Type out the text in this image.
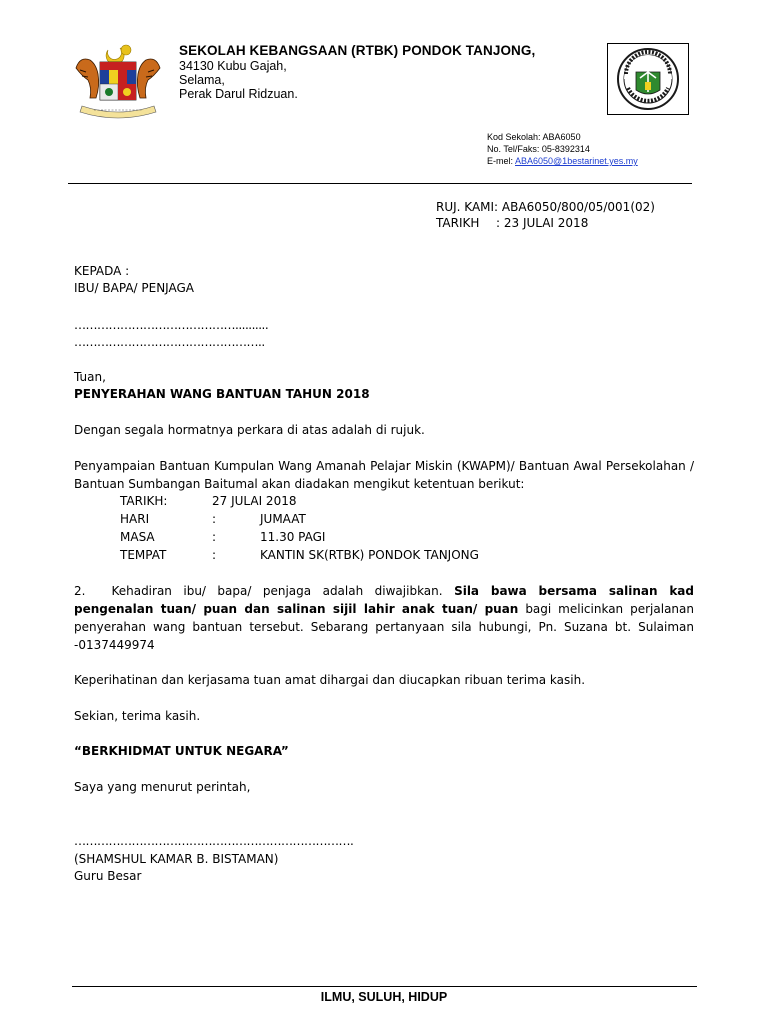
SEKOLAH KEBANGSAAN (RTBK) PONDOK TANJONG,
34130 Kubu Gajah,
Selama,
Perak Darul Ridzuan.
Kod Sekolah: ABA6050
No. Tel/Faks: 05-8392314
E-mel: ABA6050@1bestarinet.yes.my
RUJ. KAMI: ABA6050/800/05/001(02)
TARIKH : 23 JULAI 2018
KEPADA :
IBU/ BAPA/ PENJAGA
……………………………………..........
…………………………………………..
Tuan,
PENYERAHAN WANG BANTUAN TAHUN 2018
Dengan segala hormatnya perkara di atas adalah di rujuk.
Penyampaian Bantuan Kumpulan Wang Amanah Pelajar Miskin (KWAPM)/ Bantuan Awal Persekolahan / Bantuan Sumbangan Baitumal akan diadakan mengikut ketentuan berikut:
TARIKH:	27 JULAI 2018
HARI	:	JUMAAT
MASA	:	11.30 PAGI
TEMPAT	:	KANTIN SK(RTBK) PONDOK TANJONG
2. Kehadiran ibu/ bapa/ penjaga adalah diwajibkan. Sila bawa bersama salinan kad pengenalan tuan/ puan dan salinan sijil lahir anak tuan/ puan bagi melicinkan perjalanan penyerahan wang bantuan tersebut. Sebarang pertanyaan sila hubungi, Pn. Suzana bt. Sulaiman -0137449974
Keperihatinan dan kerjasama tuan amat dihargai dan diucapkan ribuan terima kasih.
Sekian, terima kasih.
“BERKHIDMAT UNTUK NEGARA”
Saya yang menurut perintah,
……………………………………………………………….
(SHAMSHUL KAMAR B. BISTAMAN)
Guru Besar
ILMU, SULUH, HIDUP
